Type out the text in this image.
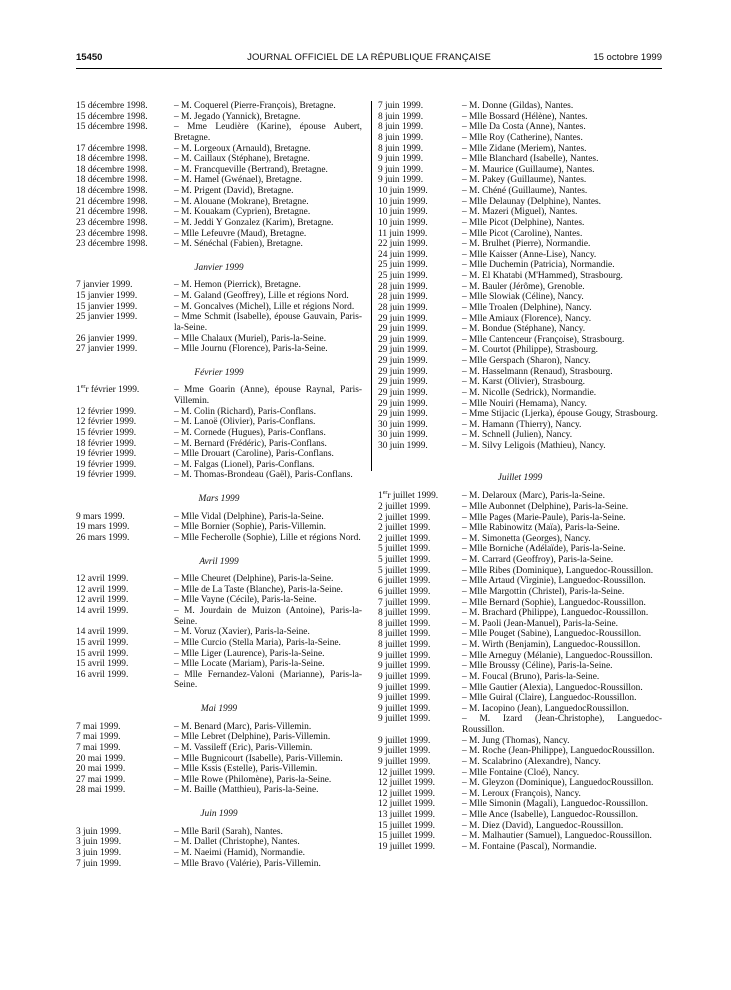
15450	JOURNAL OFFICIEL DE LA RÉPUBLIQUE FRANÇAISE	15 octobre 1999
15 décembre 1998.	– M. Coquerel (Pierre-François), Bretagne.
15 décembre 1998.	– M. Jegado (Yannick), Bretagne.
15 décembre 1998.	– Mme Leudière (Karine), épouse Aubert, Bretagne.
17 décembre 1998.	– M. Lorgeoux (Arnauld), Bretagne.
18 décembre 1998.	– M. Caillaux (Stéphane), Bretagne.
18 décembre 1998.	– M. Francqueville (Bertrand), Bretagne.
18 décembre 1998.	– M. Hamel (Gwénael), Bretagne.
18 décembre 1998.	– M. Prigent (David), Bretagne.
21 décembre 1998.	– M. Alouane (Mokrane), Bretagne.
21 décembre 1998.	– M. Kouakam (Cyprien), Bretagne.
23 décembre 1998.	– M. Jeddi Y Gonzalez (Karim), Bretagne.
23 décembre 1998.	– Mlle Lefeuvre (Maud), Bretagne.
23 décembre 1998.	– M. Sénéchal (Fabien), Bretagne.
Janvier 1999
7 janvier 1999.	– M. Hemon (Pierrick), Bretagne.
15 janvier 1999.	– M. Galand (Geoffrey), Lille et régions Nord.
15 janvier 1999.	– M. Goncalves (Michel), Lille et régions Nord.
25 janvier 1999.	– Mme Schmit (Isabelle), épouse Gauvain, Paris-la-Seine.
26 janvier 1999.	– Mlle Chalaux (Muriel), Paris-la-Seine.
27 janvier 1999.	– Mlle Journu (Florence), Paris-la-Seine.
Février 1999
1err février 1999.	– Mme Goarin (Anne), épouse Raynal, Paris-Villemin.
12 février 1999.	– M. Colin (Richard), Paris-Conflans.
12 février 1999.	– M. Lanoë (Olivier), Paris-Conflans.
15 février 1999.	– M. Cornede (Hugues), Paris-Conflans.
18 février 1999.	– M. Bernard (Frédéric), Paris-Conflans.
19 février 1999.	– Mlle Drouart (Caroline), Paris-Conflans.
19 février 1999.	– M. Falgas (Lionel), Paris-Conflans.
19 février 1999.	– M. Thomas-Brondeau (Gaël), Paris-Conflans.
Mars 1999
9 mars 1999.	– Mlle Vidal (Delphine), Paris-la-Seine.
19 mars 1999.	– Mlle Bornier (Sophie), Paris-Villemin.
26 mars 1999.	– Mlle Fecherolle (Sophie), Lille et régions Nord.
Avril 1999
12 avril 1999.	– Mlle Cheuret (Delphine), Paris-la-Seine.
12 avril 1999.	– Mlle de La Taste (Blanche), Paris-la-Seine.
12 avril 1999.	– Mlle Vayne (Cécile), Paris-la-Seine.
14 avril 1999.	– M. Jourdain de Muizon (Antoine), Paris-la-Seine.
14 avril 1999.	– M. Voruz (Xavier), Paris-la-Seine.
15 avril 1999.	– Mlle Curcio (Stella Maria), Paris-la-Seine.
15 avril 1999.	– Mlle Liger (Laurence), Paris-la-Seine.
15 avril 1999.	– Mlle Locate (Mariam), Paris-la-Seine.
16 avril 1999.	– Mlle Fernandez-Valoni (Marianne), Paris-la-Seine.
Mai 1999
7 mai 1999.	– M. Benard (Marc), Paris-Villemin.
7 mai 1999.	– Mlle Lebret (Delphine), Paris-Villemin.
7 mai 1999.	– M. Vassileff (Eric), Paris-Villemin.
20 mai 1999.	– Mlle Bugnicourt (Isabelle), Paris-Villemin.
20 mai 1999.	– Mlle Kssis (Estelle), Paris-Villemin.
27 mai 1999.	– Mlle Rowe (Philomène), Paris-la-Seine.
28 mai 1999.	– M. Baille (Matthieu), Paris-la-Seine.
Juin 1999
3 juin 1999.	– Mlle Baril (Sarah), Nantes.
3 juin 1999.	– M. Dallet (Christophe), Nantes.
3 juin 1999.	– M. Naeimi (Hamid), Normandie.
7 juin 1999.	– Mlle Bravo (Valérie), Paris-Villemin.
7 juin 1999.	– M. Donne (Gildas), Nantes.
8 juin 1999.	– Mlle Bossard (Hélène), Nantes.
8 juin 1999.	– Mlle Da Costa (Anne), Nantes.
8 juin 1999.	– Mlle Roy (Catherine), Nantes.
8 juin 1999.	– Mlle Zidane (Meriem), Nantes.
9 juin 1999.	– Mlle Blanchard (Isabelle), Nantes.
9 juin 1999.	– M. Maurice (Guillaume), Nantes.
9 juin 1999.	– M. Pakey (Guillaume), Nantes.
10 juin 1999.	– M. Chéné (Guillaume), Nantes.
10 juin 1999.	– Mlle Delaunay (Delphine), Nantes.
10 juin 1999.	– M. Mazeri (Miguel), Nantes.
10 juin 1999.	– Mlle Picot (Delphine), Nantes.
11 juin 1999.	– Mlle Picot (Caroline), Nantes.
22 juin 1999.	– M. Brulhet (Pierre), Normandie.
24 juin 1999.	– Mlle Kaisser (Anne-Lise), Nancy.
25 juin 1999.	– Mlle Duchemin (Patricia), Normandie.
25 juin 1999.	– M. El Khatabi (M'Hammed), Strasbourg.
28 juin 1999.	– M. Bauler (Jérôme), Grenoble.
28 juin 1999.	– Mlle Slowiak (Céline), Nancy.
28 juin 1999.	– Mlle Troalen (Delphine), Nancy.
29 juin 1999.	– Mlle Amiaux (Florence), Nancy.
29 juin 1999.	– M. Bondue (Stéphane), Nancy.
29 juin 1999.	– Mlle Cantenceur (Françoise), Strasbourg.
29 juin 1999.	– M. Courtot (Philippe), Strasbourg.
29 juin 1999.	– Mlle Gerspach (Sharon), Nancy.
29 juin 1999.	– M. Hasselmann (Renaud), Strasbourg.
29 juin 1999.	– M. Karst (Olivier), Strasbourg.
29 juin 1999.	– M. Nicolle (Sedrick), Normandie.
29 juin 1999.	– Mlle Nouiri (Hemama), Nancy.
29 juin 1999.	– Mme Stijacic (Ljerka), épouse Gougy, Strasbourg.
30 juin 1999.	– M. Hamann (Thierry), Nancy.
30 juin 1999.	– M. Schnell (Julien), Nancy.
30 juin 1999.	– M. Silvy Leligois (Mathieu), Nancy.
Juillet 1999
1err juillet 1999.	– M. Delaroux (Marc), Paris-la-Seine.
2 juillet 1999.	– Mlle Aubonnet (Delphine), Paris-la-Seine.
2 juillet 1999.	– Mlle Pages (Marie-Paule), Paris-la-Seine.
2 juillet 1999.	– Mlle Rabinowitz (Maïa), Paris-la-Seine.
2 juillet 1999.	– M. Simonetta (Georges), Nancy.
5 juillet 1999.	– Mlle Borniche (Adélaïde), Paris-la-Seine.
5 juillet 1999.	– M. Carrard (Geoffroy), Paris-la-Seine.
5 juillet 1999.	– Mlle Ribes (Dominique), Languedoc-Roussillon.
6 juillet 1999.	– Mlle Artaud (Virginie), Languedoc-Roussillon.
6 juillet 1999.	– Mlle Margottin (Christel), Paris-la-Seine.
7 juillet 1999.	– Mlle Bernard (Sophie), Languedoc-Roussillon.
8 juillet 1999.	– M. Brachard (Philippe), Languedoc-Roussillon.
8 juillet 1999.	– M. Paoli (Jean-Manuel), Paris-la-Seine.
8 juillet 1999.	– Mlle Pouget (Sabine), Languedoc-Roussillon.
8 juillet 1999.	– M. Wirth (Benjamin), Languedoc-Roussillon.
9 juillet 1999.	– Mlle Arneguy (Mélanie), Languedoc-Roussillon.
9 juillet 1999.	– Mlle Broussy (Céline), Paris-la-Seine.
9 juillet 1999.	– M. Foucal (Bruno), Paris-la-Seine.
9 juillet 1999.	– Mlle Gautier (Alexia), Languedoc-Roussillon.
9 juillet 1999.	– Mlle Guiral (Claire), Languedoc-Roussillon.
9 juillet 1999.	– M. Iacopino (Jean), LanguedocRoussillon.
9 juillet 1999.	– M. Izard (Jean-Christophe), Languedoc-Roussillon.
9 juillet 1999.	– M. Jung (Thomas), Nancy.
9 juillet 1999.	– M. Roche (Jean-Philippe), LanguedocRoussillon.
9 juillet 1999.	– M. Scalabrino (Alexandre), Nancy.
12 juillet 1999.	– Mlle Fontaine (Cloé), Nancy.
12 juillet 1999.	– M. Gleyzon (Dominique), LanguedocRoussillon.
12 juillet 1999.	– M. Leroux (François), Nancy.
12 juillet 1999.	– Mlle Simonin (Magali), Languedoc-Roussillon.
13 juillet 1999.	– Mlle Ance (Isabelle), Languedoc-Roussillon.
15 juillet 1999.	– M. Diez (David), Languedoc-Roussillon.
15 juillet 1999.	– M. Malhautier (Samuel), Languedoc-Roussillon.
19 juillet 1999.	– M. Fontaine (Pascal), Normandie.
